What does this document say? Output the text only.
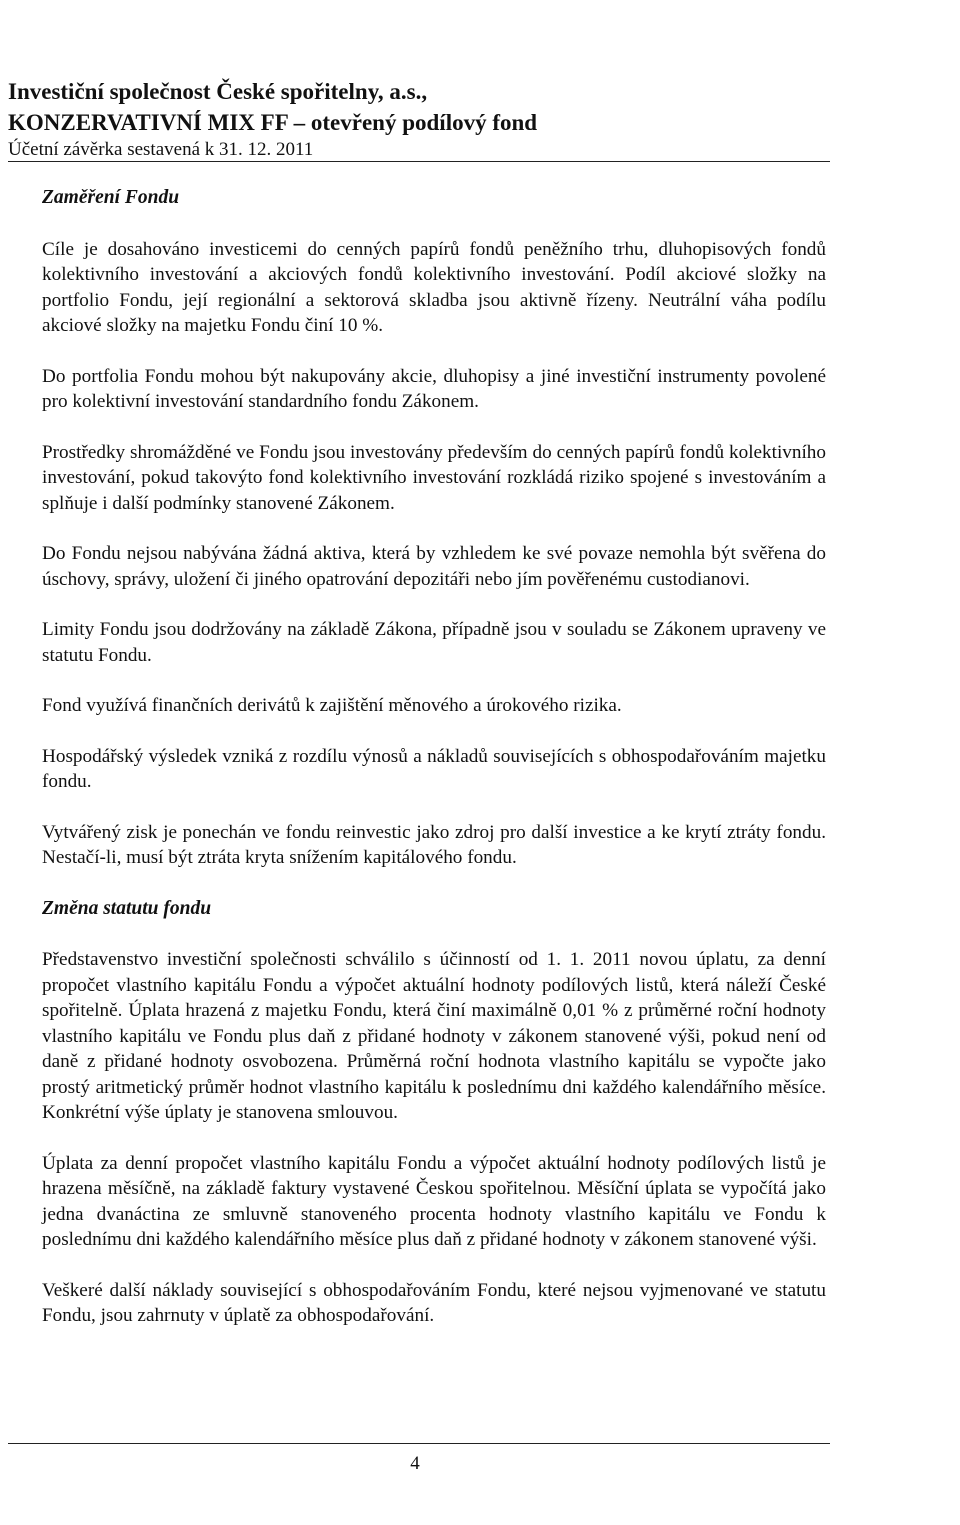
Investiční společnost České spořitelny, a.s.,
KONZERVATIVNÍ MIX FF – otevřený podílový fond
Účetní závěrka sestavená k 31. 12. 2011
Zaměření Fondu

Cíle je dosahováno investicemi do cenných papírů fondů peněžního trhu, dluhopisových fondů kolektivního investování a akciových fondů kolektivního investování. Podíl akciové složky na portfolio Fondu, její regionální a sektorová skladba jsou aktivně řízeny. Neutrální váha podílu akciové složky na majetku Fondu činí 10 %.

Do portfolia Fondu mohou být nakupovány akcie, dluhopisy a jiné investiční instrumenty povolené pro kolektivní investování standardního fondu Zákonem.

Prostředky shromážděné ve Fondu jsou investovány především do cenných papírů fondů kolektivního investování, pokud takovýto fond kolektivního investování rozkládá riziko spojené s investováním a splňuje i další podmínky stanovené Zákonem.

Do Fondu nejsou nabývána žádná aktiva, která by vzhledem ke své povaze nemohla být svěřena do úschovy, správy, uložení či jiného opatrování depozitáři nebo jím pověřenému custodianovi.

Limity Fondu jsou dodržovány na základě Zákona, případně jsou v souladu se Zákonem upraveny ve statutu Fondu.

Fond využívá finančních derivátů k zajištění měnového a úrokového rizika.

Hospodářský výsledek vzniká z rozdílu výnosů a nákladů souvisejících s obhospodařováním majetku fondu.

Vytvářený zisk je ponechán ve fondu reinvestic jako zdroj pro další investice a ke krytí ztráty fondu. Nestačí-li, musí být ztráta kryta snížením kapitálového fondu.

Změna statutu fondu

Představenstvo investiční společnosti schválilo s účinností od 1. 1. 2011 novou úplatu, za denní propočet vlastního kapitálu Fondu a výpočet aktuální hodnoty podílových listů, která náleží České spořitelně. Úplata hrazená z majetku Fondu, která činí maximálně 0,01 % z průměrné roční hodnoty vlastního kapitálu ve Fondu plus daň z přidané hodnoty v zákonem stanovené výši, pokud není od daně z přidané hodnoty osvobozena. Průměrná roční hodnota vlastního kapitálu se vypočte jako prostý aritmetický průměr hodnot vlastního kapitálu k poslednímu dni každého kalendářního měsíce. Konkrétní výše úplaty je stanovena smlouvou.

Úplata za denní propočet vlastního kapitálu Fondu a výpočet aktuální hodnoty podílových listů je hrazena měsíčně, na základě faktury vystavené Českou spořitelnou. Měsíční úplata se vypočítá jako jedna dvanáctina ze smluvně stanoveného procenta hodnoty vlastního kapitálu ve Fondu k poslednímu dni každého kalendářního měsíce plus daň z přidané hodnoty v zákonem stanovené výši.

Veškeré další náklady související s obhospodařováním Fondu, které nejsou vyjmenované ve statutu Fondu, jsou zahrnuty v úplatě za obhospodařování.

4
